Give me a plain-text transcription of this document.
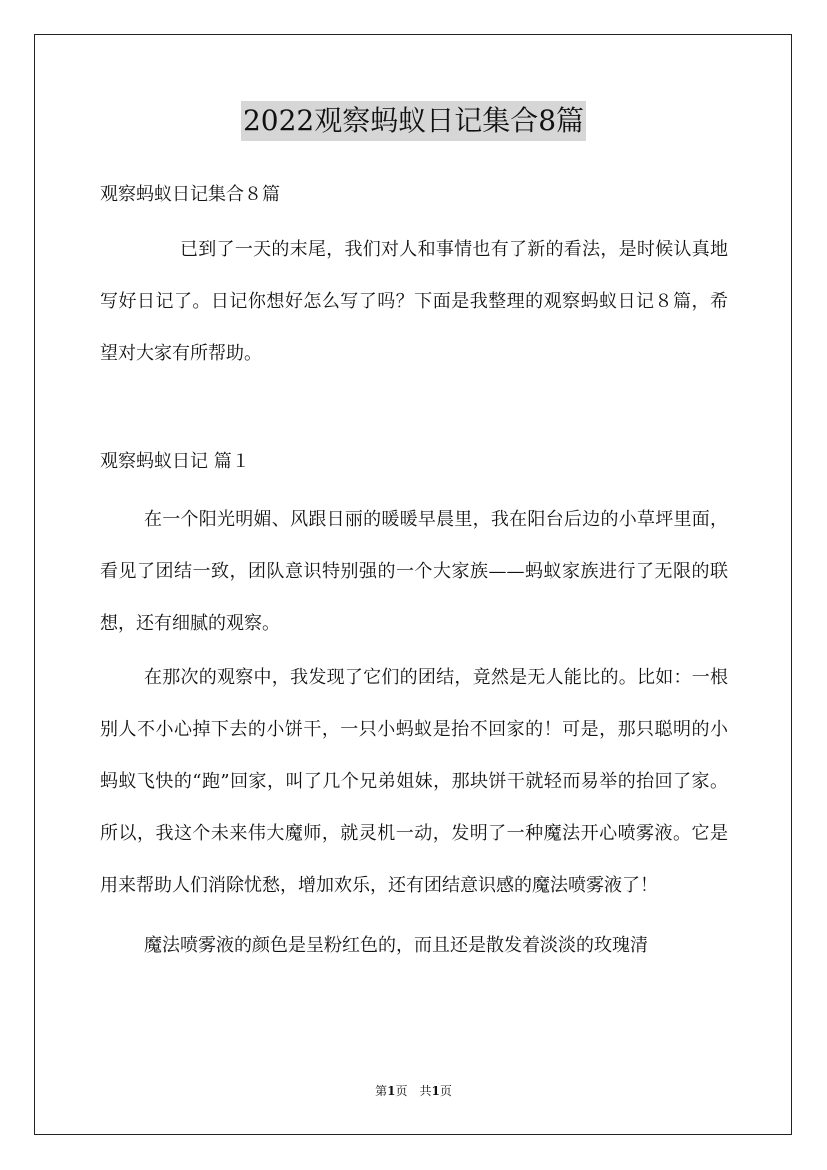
2022观察蚂蚁日记集合8篇

观察蚂蚁日记集合８篇

已到了一天的末尾，我们对人和事情也有了新的看法，是时候认真地写好日记了。日记你想好怎么写了吗？下面是我整理的观察蚂蚁日记８篇，希望对大家有所帮助。

观察蚂蚁日记 篇１

在一个阳光明媚、风跟日丽的暖暖早晨里，我在阳台后边的小草坪里面，看见了团结一致，团队意识特别强的一个大家族——蚂蚁家族进行了无限的联想，还有细腻的观察。

在那次的观察中，我发现了它们的团结，竟然是无人能比的。比如：一根别人不小心掉下去的小饼干，一只小蚂蚁是抬不回家的！可是，那只聪明的小蚂蚁飞快的“跑”回家，叫了几个兄弟姐妹，那块饼干就轻而易举的抬回了家。所以，我这个未来伟大魔师，就灵机一动，发明了一种魔法开心喷雾液。它是用来帮助人们消除忧愁，增加欢乐，还有团结意识感的魔法喷雾液了！

魔法喷雾液的颜色是呈粉红色的，而且还是散发着淡淡的玫瑰清

第1页 共1页
